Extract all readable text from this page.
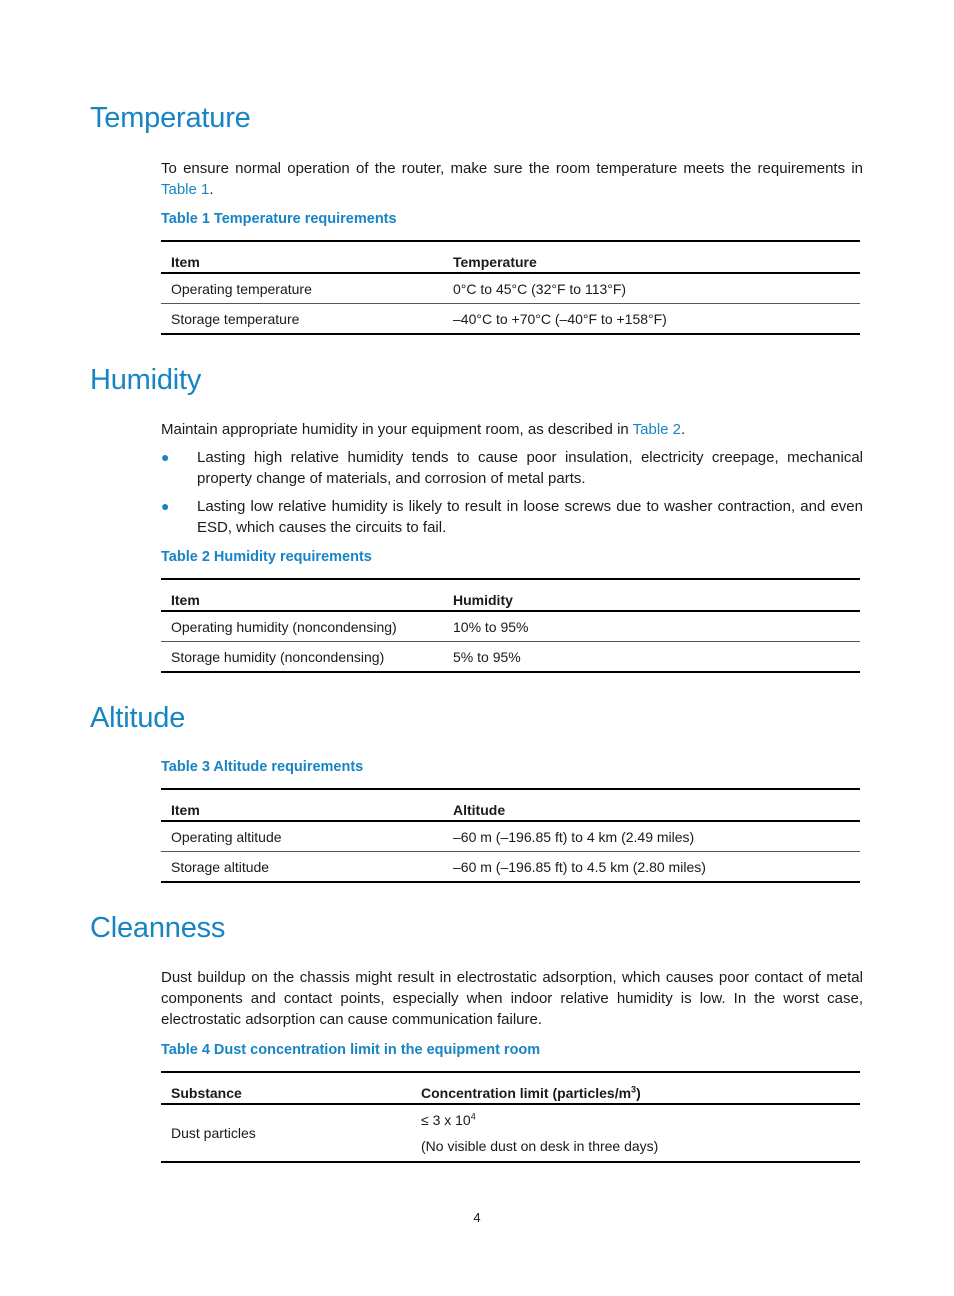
Temperature

To ensure normal operation of the router, make sure the room temperature meets the requirements in Table 1.

Table 1 Temperature requirements

Item	Temperature
Operating temperature	0°C to 45°C (32°F to 113°F)
Storage temperature	–40°C to +70°C (–40°F to +158°F)
Humidity

Maintain appropriate humidity in your equipment room, as described in Table 2.

● Lasting high relative humidity tends to cause poor insulation, electricity creepage, mechanical property change of materials, and corrosion of metal parts.
● Lasting low relative humidity is likely to result in loose screws due to washer contraction, and even ESD, which causes the circuits to fail.

Table 2 Humidity requirements

Item	Humidity
Operating humidity (noncondensing)	10% to 95%
Storage humidity (noncondensing)	5% to 95%
Altitude

Table 3 Altitude requirements

Item	Altitude
Operating altitude	–60 m (–196.85 ft) to 4 km (2.49 miles)
Storage altitude	–60 m (–196.85 ft) to 4.5 km (2.80 miles)
Cleanness

Dust buildup on the chassis might result in electrostatic adsorption, which causes poor contact of metal components and contact points, especially when indoor relative humidity is low. In the worst case, electrostatic adsorption can cause communication failure.

Table 4 Dust concentration limit in the equipment room

Substance	Concentration limit $(particles/m^3)$
Dust particles	≤ 3 x $10^4$
(No visible dust on desk in three days)
4
